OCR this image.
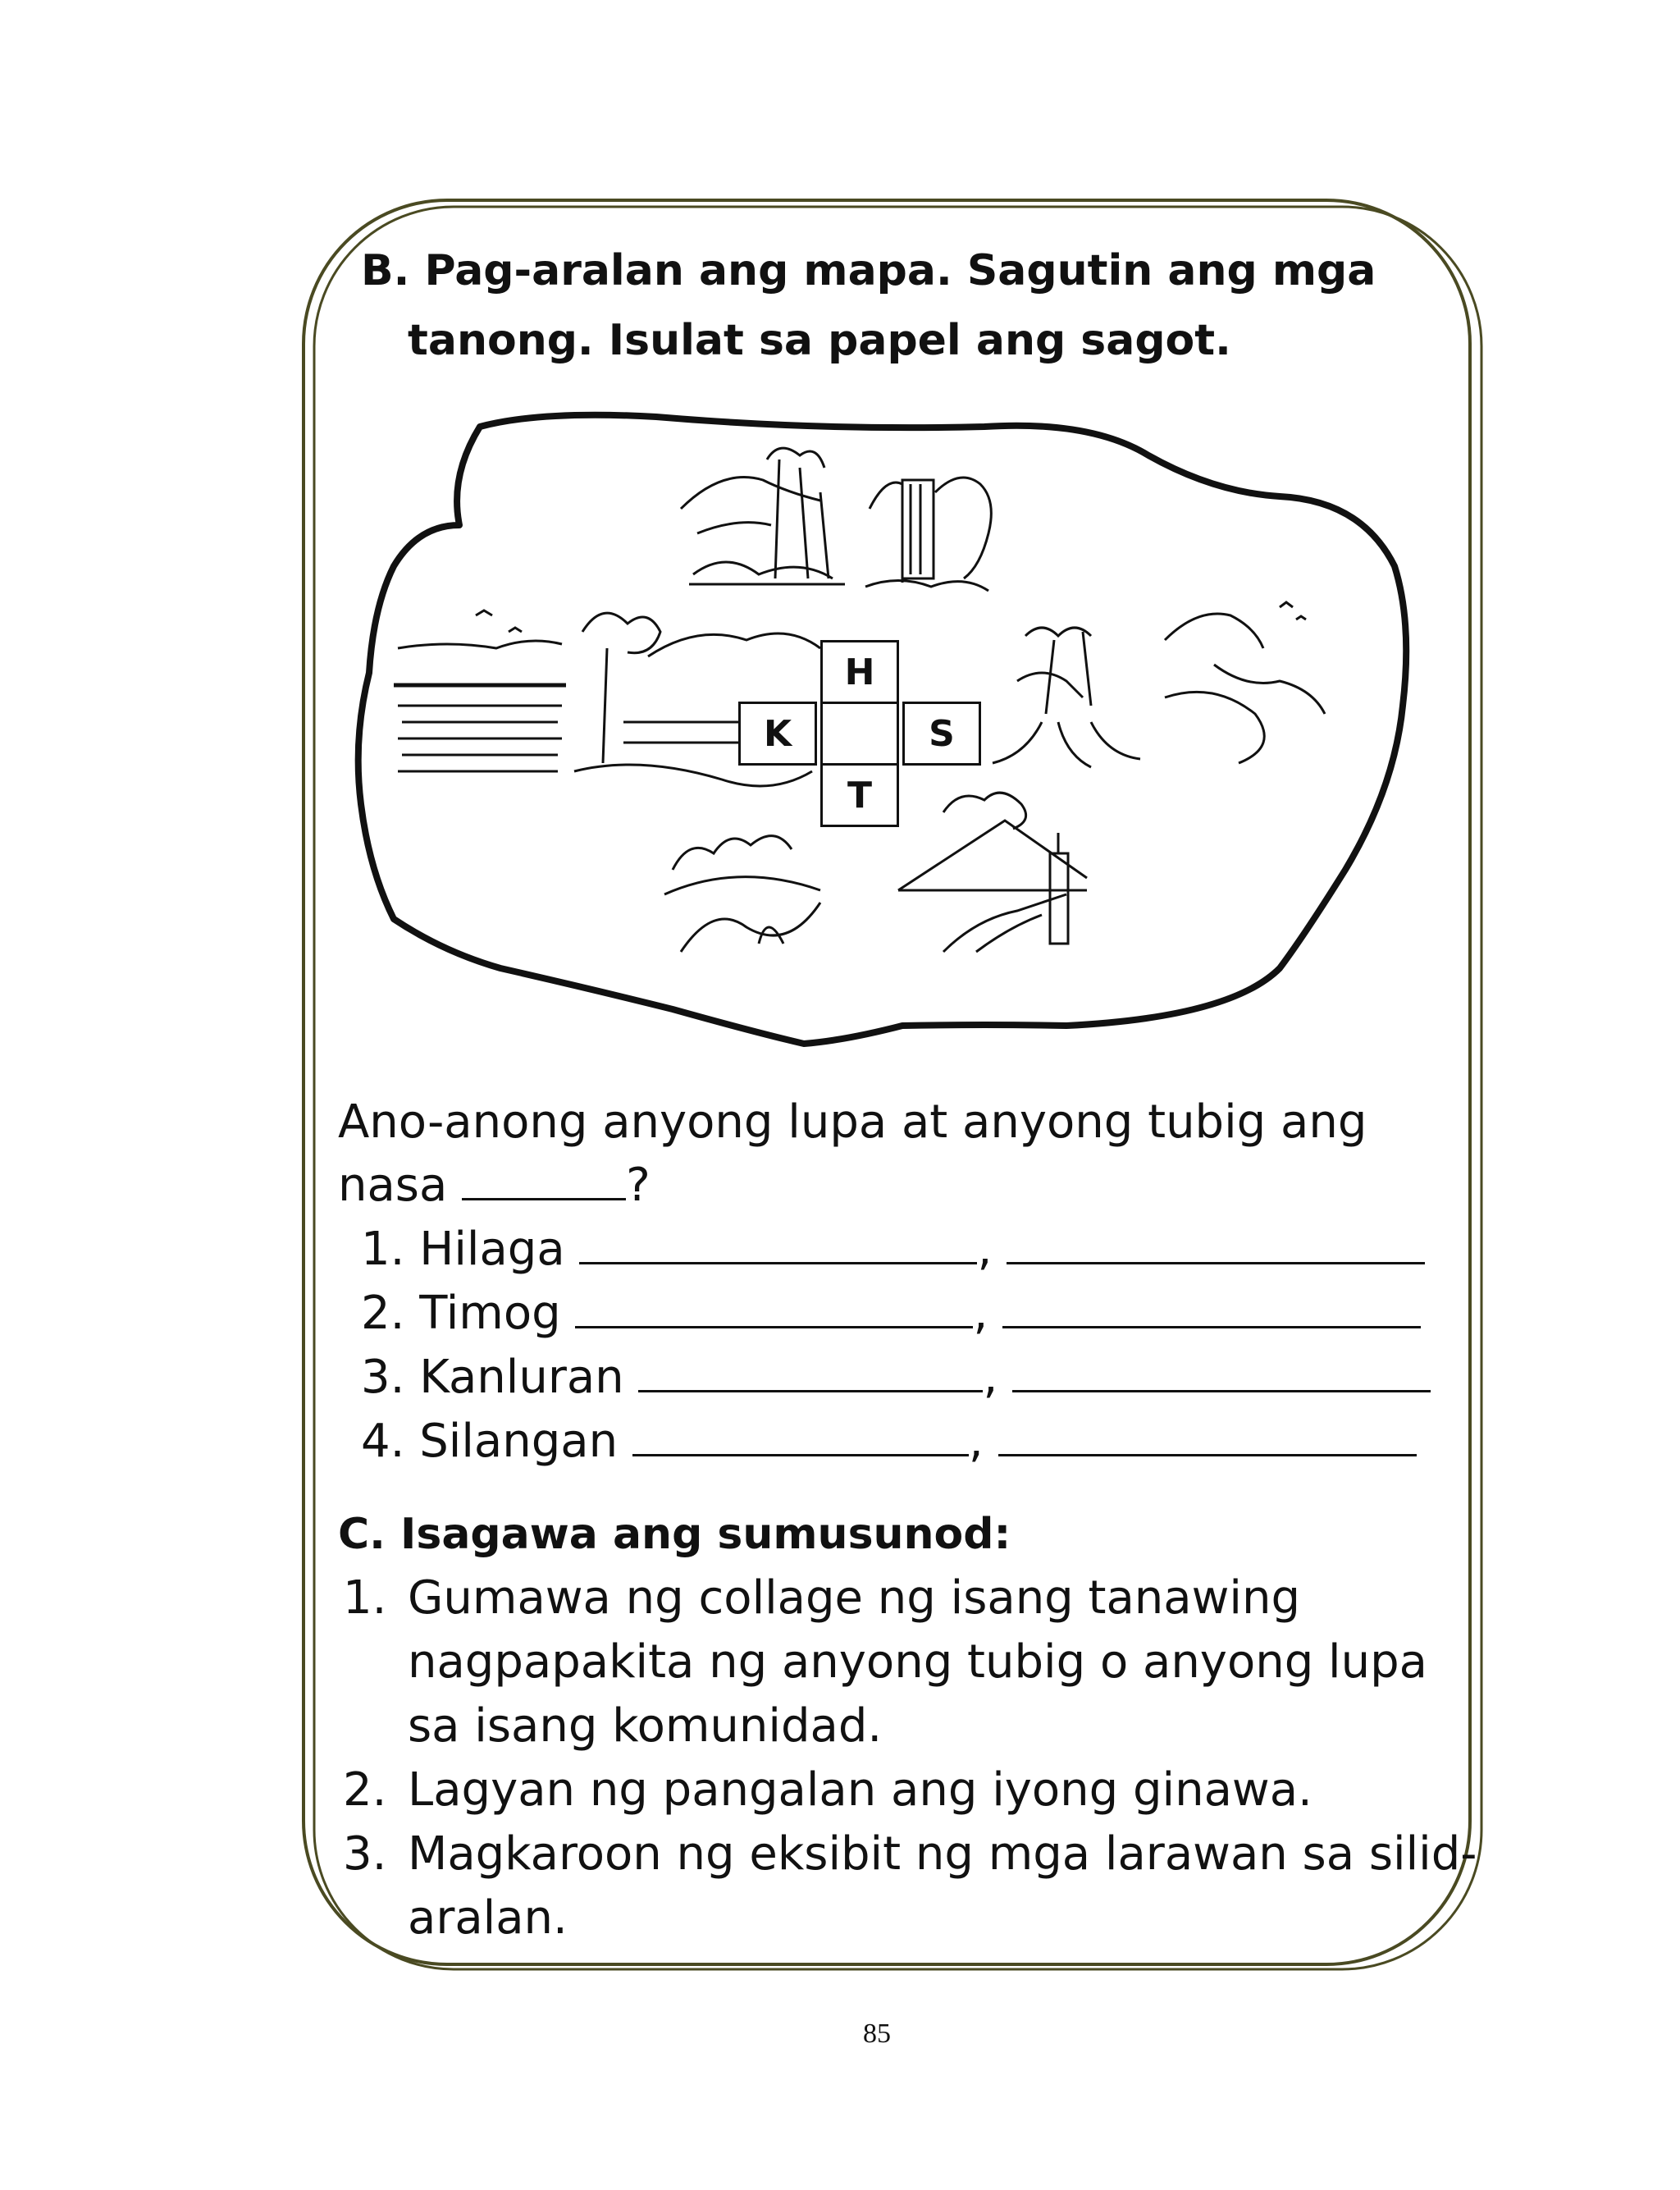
B. Pag-aralan ang mapa. Sagutin ang mga
tanong. Isulat sa papel ang sagot.
H
K	S
T
Ano-anong anyong lupa at anyong tubig ang
nasa	?
1. Hilaga	,
2. Timog	,
3. Kanluran	,
4. Silangan	,
C. Isagawa ang sumusunod:
1. Gumawa ng collage ng isang tanawing
nagpapakita ng anyong tubig o anyong lupa
sa isang komunidad.
2. Lagyan ng pangalan ang iyong ginawa.
3. Magkaroon ng eksibit ng mga larawan sa silid-
aralan.
85
